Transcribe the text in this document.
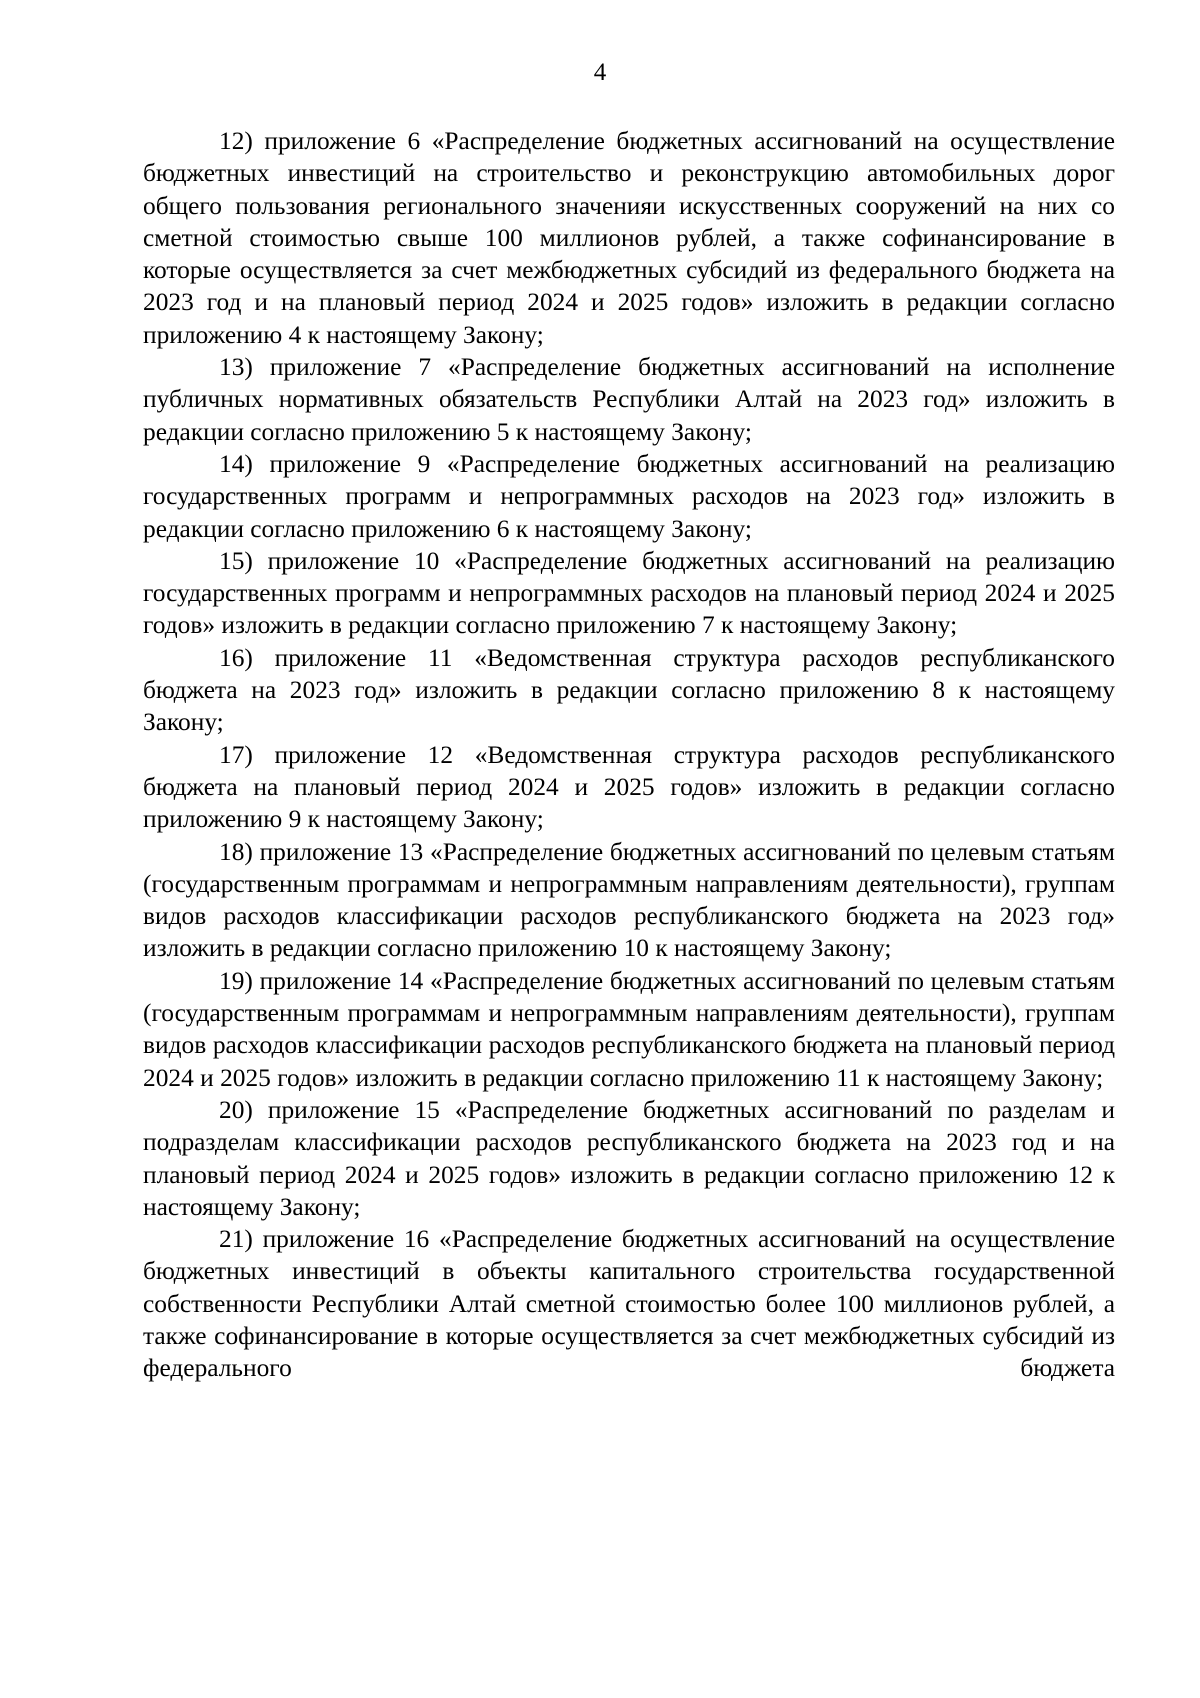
4

12) приложение 6 «Распределение бюджетных ассигнований на осуществление бюджетных инвестиций на строительство и реконструкцию автомобильных дорог общего пользования регионального значенияи искусственных сооружений на них со сметной стоимостью свыше 100 миллионов рублей, а также софинансирование в которые осуществляется за счет межбюджетных субсидий из федерального бюджета на 2023 год и на плановый период 2024 и 2025 годов» изложить в редакции согласно приложению 4 к настоящему Закону;

13) приложение 7 «Распределение бюджетных ассигнований на исполнение публичных нормативных обязательств Республики Алтай на 2023 год» изложить в редакции согласно приложению 5 к настоящему Закону;

14) приложение 9 «Распределение бюджетных ассигнований на реализацию государственных программ и непрограммных расходов на 2023 год» изложить в редакции согласно приложению 6 к настоящему Закону;

15) приложение 10 «Распределение бюджетных ассигнований на реализацию государственных программ и непрограммных расходов на плановый период 2024 и 2025 годов» изложить в редакции согласно приложению 7 к настоящему Закону;

16) приложение 11 «Ведомственная структура расходов республиканского бюджета на 2023 год» изложить в редакции согласно приложению 8 к настоящему Закону;

17) приложение 12 «Ведомственная структура расходов республиканского бюджета на плановый период 2024 и 2025 годов» изложить в редакции согласно приложению 9 к настоящему Закону;

18) приложение 13 «Распределение бюджетных ассигнований по целевым статьям (государственным программам и непрограммным направлениям деятельности), группам видов расходов классификации расходов республиканского бюджета на 2023 год» изложить в редакции согласно приложению 10 к настоящему Закону;

19) приложение 14 «Распределение бюджетных ассигнований по целевым статьям (государственным программам и непрограммным направлениям деятельности), группам видов расходов классификации расходов республиканского бюджета на плановый период 2024 и 2025 годов» изложить в редакции согласно приложению 11 к настоящему Закону;

20) приложение 15 «Распределение бюджетных ассигнований по разделам и подразделам классификации расходов республиканского бюджета на 2023 год и на плановый период 2024 и 2025 годов» изложить в редакции согласно приложению 12 к настоящему Закону;

21) приложение 16 «Распределение бюджетных ассигнований на осуществление бюджетных инвестиций в объекты капитального строительства государственной собственности Республики Алтай сметной стоимостью более 100 миллионов рублей, а также софинансирование в которые осуществляется за счет межбюджетных субсидий из федерального бюджета
